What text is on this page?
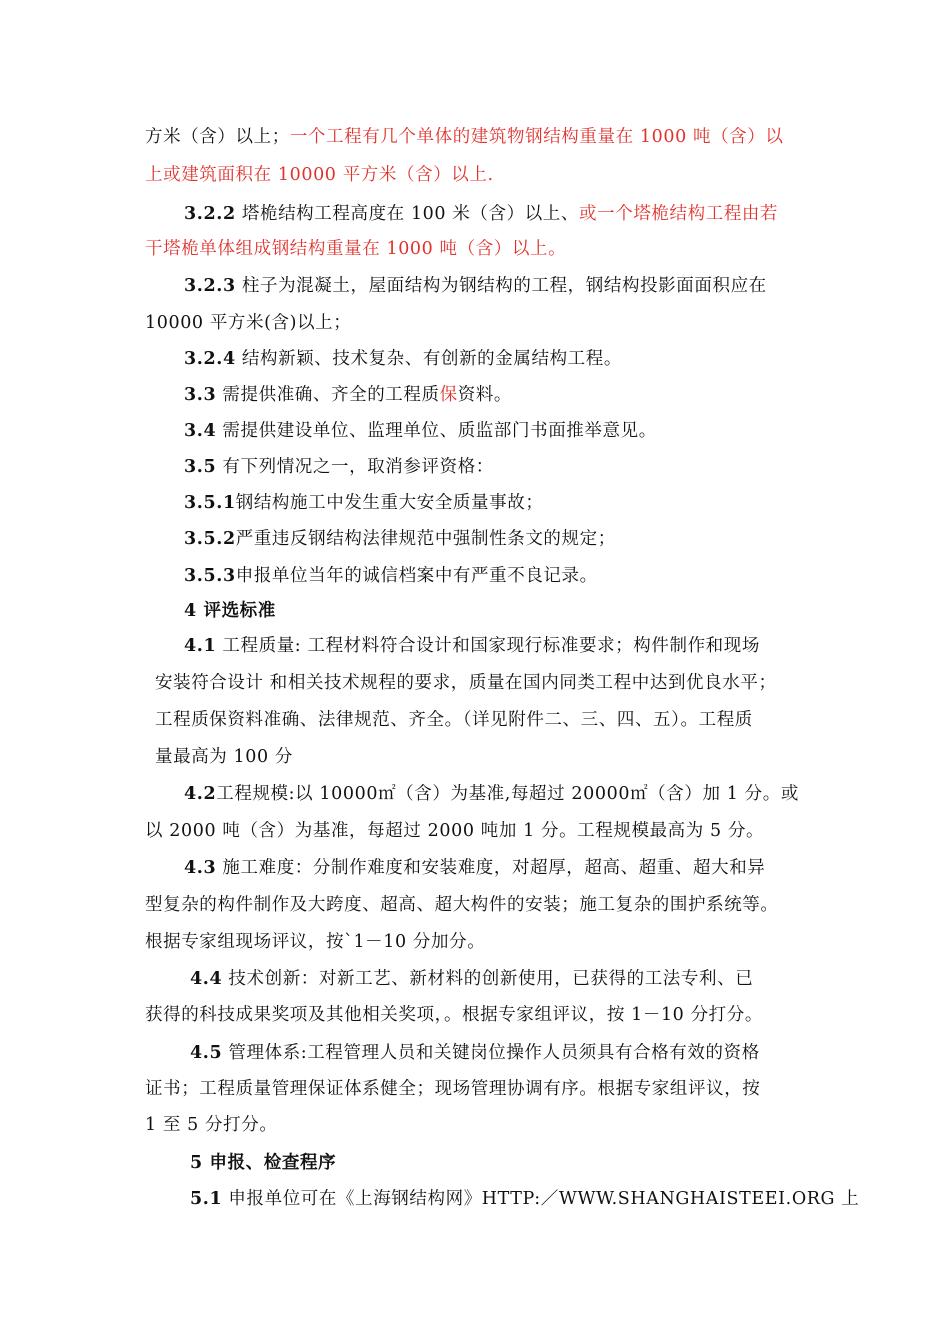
方米（含）以上；一个工程有几个单体的建筑物钢结构重量在 1000 吨（含）以
上或建筑面积在 10000 平方米（含）以上.
3.2.2 塔桅结构工程高度在 100 米（含）以上、或一个塔桅结构工程由若
干塔桅单体组成钢结构重量在 1000 吨（含）以上。
3.2.3 柱子为混凝土，屋面结构为钢结构的工程，钢结构投影面面积应在
10000 平方米(含)以上；
3.2.4 结构新颖、技术复杂、有创新的金属结构工程。
3.3 需提供准确、齐全的工程质保资料。
3.4 需提供建设单位、监理单位、质监部门书面推举意见。
3.5 有下列情况之一，取消参评资格：
3.5.1钢结构施工中发生重大安全质量事故；
3.5.2严重违反钢结构法律规范中强制性条文的规定；
3.5.3申报单位当年的诚信档案中有严重不良记录。
4 评选标准
4.1 工程质量: 工程材料符合设计和国家现行标准要求；构件制作和现场
安装符合设计 和相关技术规程的要求，质量在国内同类工程中达到优良水平；
工程质保资料准确、法律规范、齐全。（详见附件二、三、四、五）。工程质
量最高为 100 分
4.2工程规模:以 10000㎡（含）为基准,每超过 20000㎡（含）加 1 分。或
以 2000 吨（含）为基准，每超过 2000 吨加 1 分。工程规模最高为 5 分。
4.3 施工难度：分制作难度和安装难度，对超厚，超高、超重、超大和异
型复杂的构件制作及大跨度、超高、超大构件的安装；施工复杂的围护系统等。
根据专家组现场评议，按`1－10 分加分。
4.4 技术创新：对新工艺、新材料的创新使用，已获得的工法专利、已
获得的科技成果奖项及其他相关奖项，。根据专家组评议，按 1－10 分打分。
4.5 管理体系:工程管理人员和关键岗位操作人员须具有合格有效的资格
证书；工程质量管理保证体系健全；现场管理协调有序。根据专家组评议，按
1 至 5 分打分。
5 申报、检查程序
5.1 申报单位可在《上海钢结构网》HTTP:／WWW.SHANGHAISTEEI.ORG 上
